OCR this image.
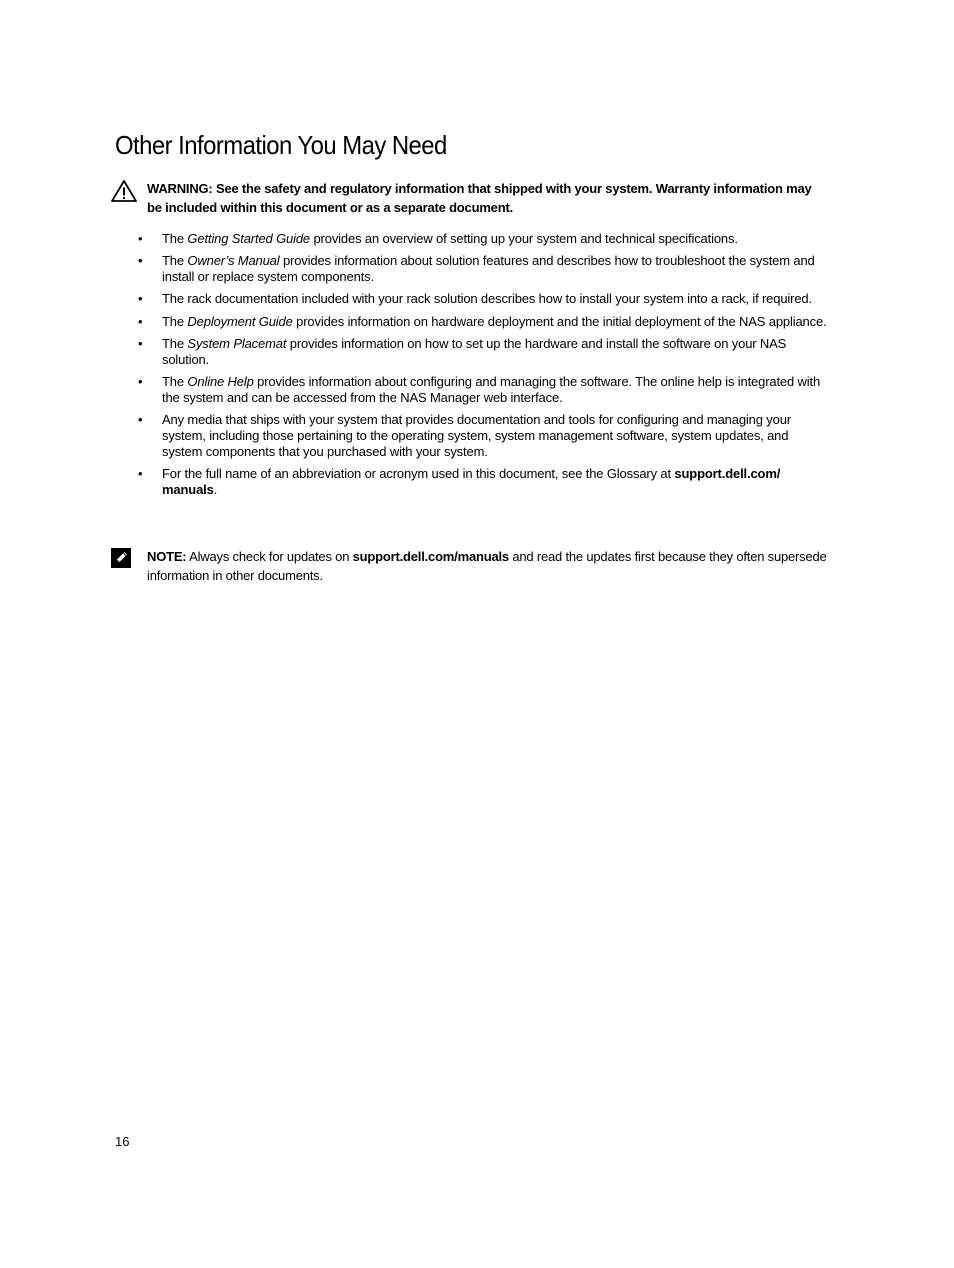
Other Information You May Need
WARNING: See the safety and regulatory information that shipped with your system. Warranty information may be included within this document or as a separate document.
• The Getting Started Guide provides an overview of setting up your system and technical specifications.
• The Owner’s Manual provides information about solution features and describes how to troubleshoot the system and install or replace system components.
• The rack documentation included with your rack solution describes how to install your system into a rack, if required.
• The Deployment Guide provides information on hardware deployment and the initial deployment of the NAS appliance.
• The System Placemat provides information on how to set up the hardware and install the software on your NAS solution.
• The Online Help provides information about configuring and managing the software. The online help is integrated with the system and can be accessed from the NAS Manager web interface.
• Any media that ships with your system that provides documentation and tools for configuring and managing your system, including those pertaining to the operating system, system management software, system updates, and system components that you purchased with your system.
• For the full name of an abbreviation or acronym used in this document, see the Glossary at support.dell.com/ manuals.
NOTE: Always check for updates on support.dell.com/manuals and read the updates first because they often supersede information in other documents.
16
